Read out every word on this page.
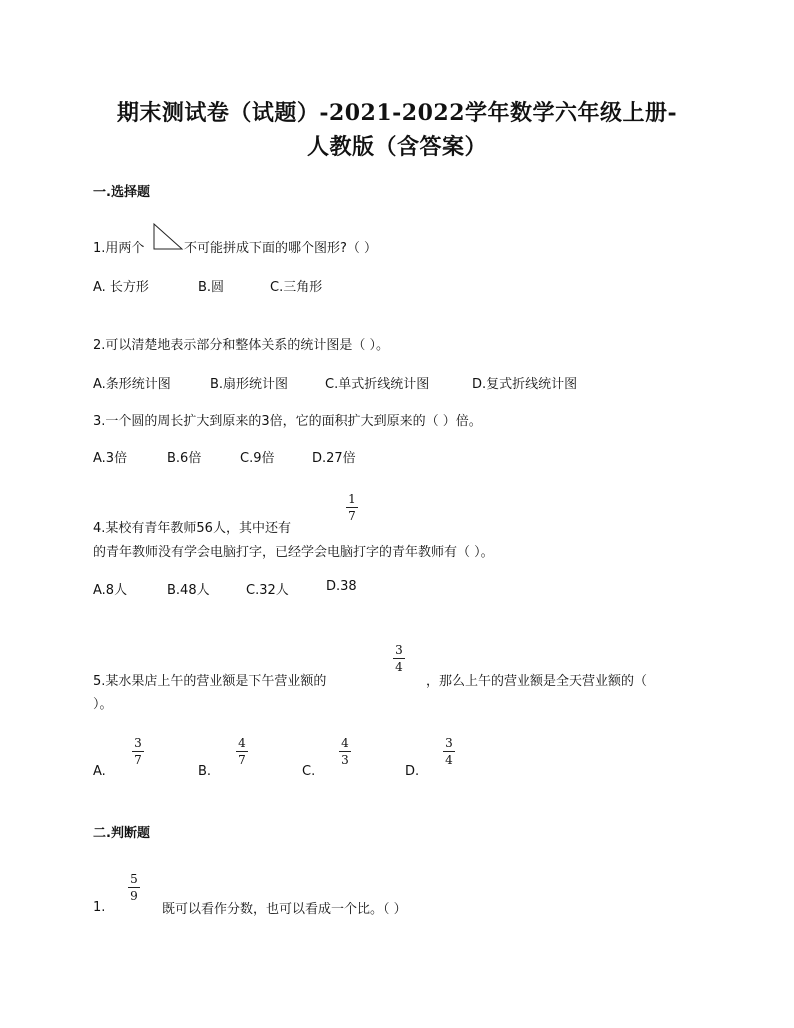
期末测试卷（试题）-2021-2022学年数学六年级上册-
人教版（含答案）
一.选择题
1.用两个	不可能拼成下面的哪个图形?（ ）
A. 长方形	B.圆	C.三角形
2.可以清楚地表示部分和整体关系的统计图是（ ）。
A.条形统计图	B.扇形统计图	C.单式折线统计图	D.复式折线统计图
3.一个圆的周长扩大到原来的3倍，它的面积扩大到原来的（ ）倍。
A.3倍	B.6倍	C.9倍	D.27倍
1
7
4.某校有青年教师56人，其中还有
的青年教师没有学会电脑打字，已经学会电脑打字的青年教师有（ ）。
A.8人	B.48人	C.32人	D.38
3
4
5.某水果店上午的营业额是下午营业额的	，那么上午的营业额是全天营业额的（
）。
A.
3
7
B.
4
7
C.
4
3
D.
3
4
二.判断题
5
9
1.	既可以看作分数，也可以看成一个比。（ ）
